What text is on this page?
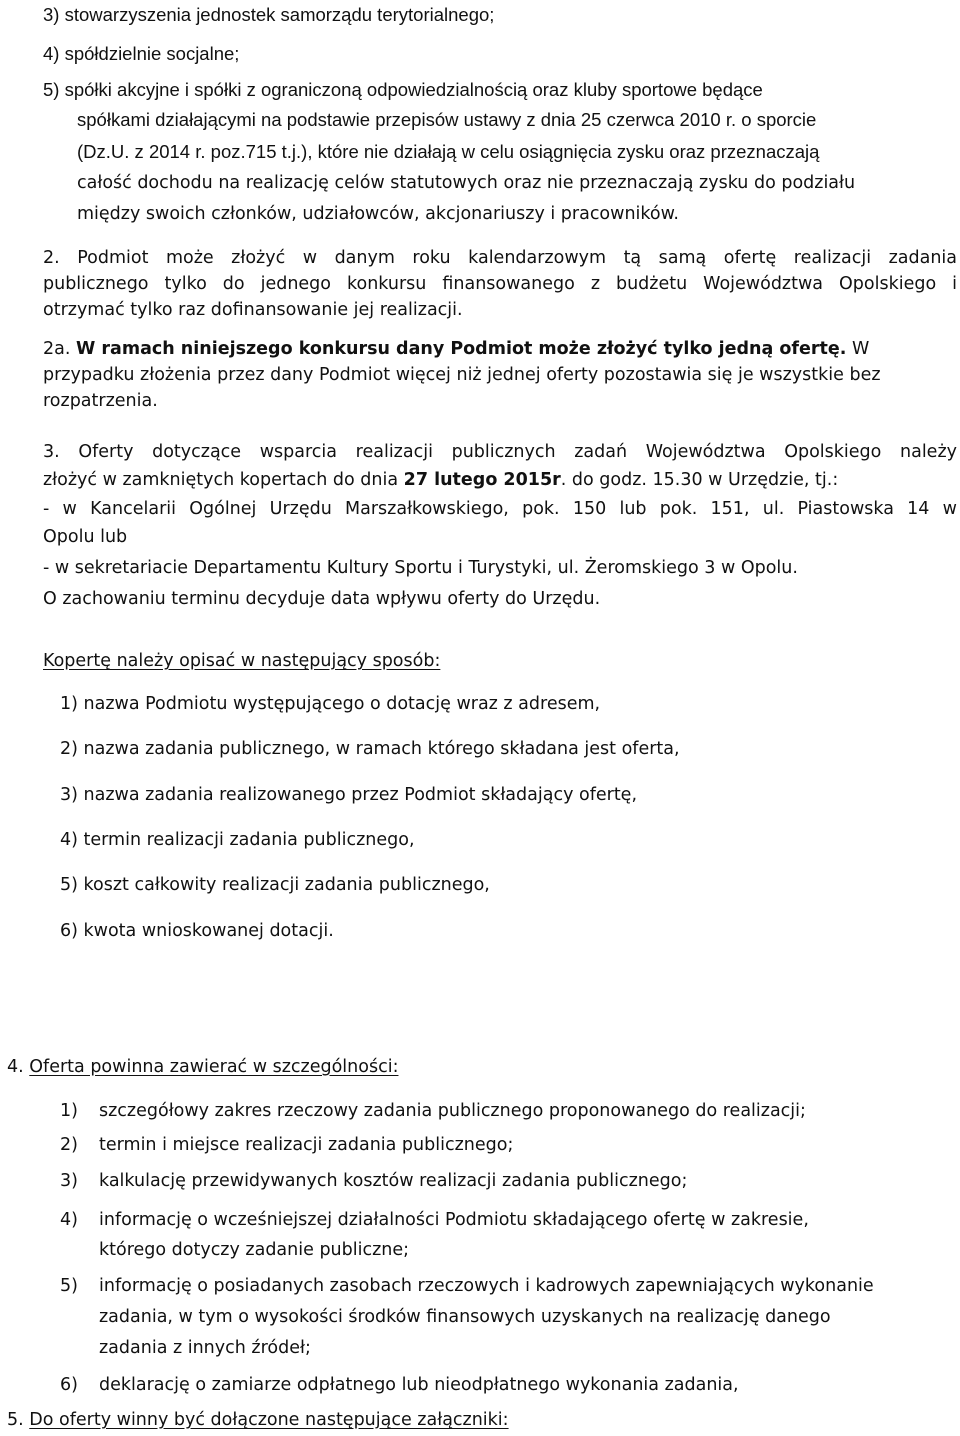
3) stowarzyszenia jednostek samorządu terytorialnego;
4) spółdzielnie socjalne;
5) spółki akcyjne i spółki z ograniczoną odpowiedzialnością oraz kluby sportowe będące
spółkami działającymi na podstawie przepisów ustawy z dnia 25 czerwca 2010 r. o sporcie
(Dz.U. z 2014 r. poz.715 t.j.), które nie działają w celu osiągnięcia zysku oraz przeznaczają
całość dochodu na realizację celów statutowych oraz nie przeznaczają zysku do podziału
między swoich członków, udziałowców, akcjonariuszy i pracowników.
2. Podmiot może złożyć w danym roku kalendarzowym tą samą ofertę realizacji zadania
publicznego tylko do jednego konkursu finansowanego z budżetu Województwa Opolskiego i
otrzymać tylko raz dofinansowanie jej realizacji.
2a. W ramach niniejszego konkursu dany Podmiot może złożyć tylko jedną ofertę. W
przypadku złożenia przez dany Podmiot więcej niż jednej oferty pozostawia się je wszystkie bez
rozpatrzenia.
3. Oferty dotyczące wsparcia realizacji publicznych zadań Województwa Opolskiego należy
złożyć w zamkniętych kopertach do dnia 27 lutego 2015r. do godz. 15.30 w Urzędzie, tj.:
- w Kancelarii Ogólnej Urzędu Marszałkowskiego, pok. 150 lub pok. 151, ul. Piastowska 14 w
Opolu lub
- w sekretariacie Departamentu Kultury Sportu i Turystyki, ul. Żeromskiego 3 w Opolu.
O zachowaniu terminu decyduje data wpływu oferty do Urzędu.
Kopertę należy opisać w następujący sposób:
1) nazwa Podmiotu występującego o dotację wraz z adresem,
2) nazwa zadania publicznego, w ramach którego składana jest oferta,
3) nazwa zadania realizowanego przez Podmiot składający ofertę,
4) termin realizacji zadania publicznego,
5) koszt całkowity realizacji zadania publicznego,
6) kwota wnioskowanej dotacji.
4. Oferta powinna zawierać w szczególności:
1) szczegółowy zakres rzeczowy zadania publicznego proponowanego do realizacji;
2) termin i miejsce realizacji zadania publicznego;
3) kalkulację przewidywanych kosztów realizacji zadania publicznego;
4) informację o wcześniejszej działalności Podmiotu składającego ofertę w zakresie,
którego dotyczy zadanie publiczne;
5) informację o posiadanych zasobach rzeczowych i kadrowych zapewniających wykonanie
zadania, w tym o wysokości środków finansowych uzyskanych na realizację danego
zadania z innych źródeł;
6) deklarację o zamiarze odpłatnego lub nieodpłatnego wykonania zadania,
5. Do oferty winny być dołączone następujące załączniki:
